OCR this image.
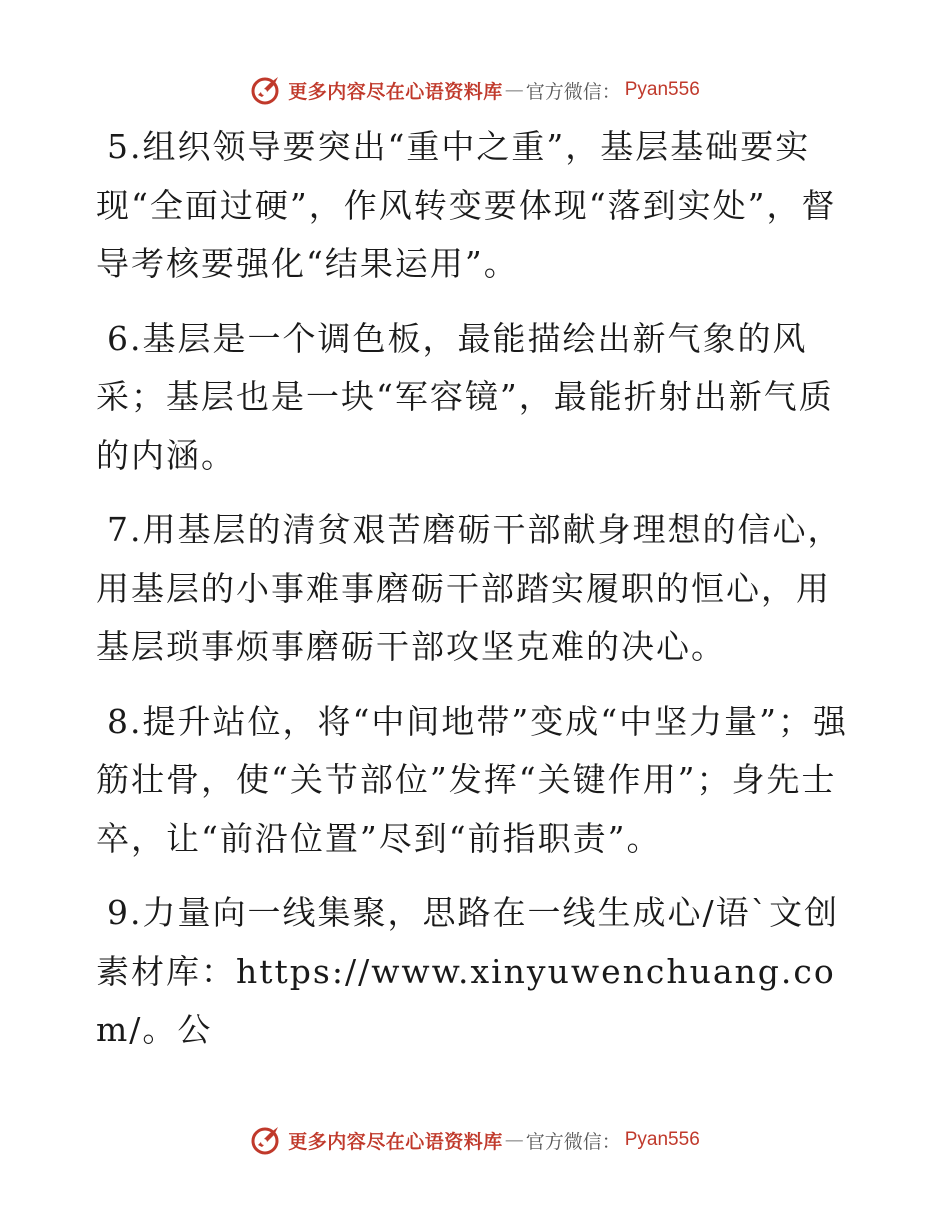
更多内容尽在心语资料库 — 官方微信： Pyan556

5.组织领导要突出“重中之重”，基层基础要实现“全面过硬”，作风转变要体现“落到实处”，督导考核要强化“结果运用”。

6.基层是一个调色板，最能描绘出新气象的风采；基层也是一块“军容镜”，最能折射出新气质的内涵。

7.用基层的清贫艰苦磨砺干部献身理想的信心，用基层的小事难事磨砺干部踏实履职的恒心，用基层琐事烦事磨砺干部攻坚克难的决心。

8.提升站位，将“中间地带”变成“中坚力量”；强筋壮骨，使“关节部位”发挥“关键作用”；身先士卒，让“前沿位置”尽到“前指职责”。

9.力量向一线集聚，思路在一线生成心/语`文创素材库：https://www.xinyuwenchuang.com/。公

更多内容尽在心语资料库 — 官方微信： Pyan556
